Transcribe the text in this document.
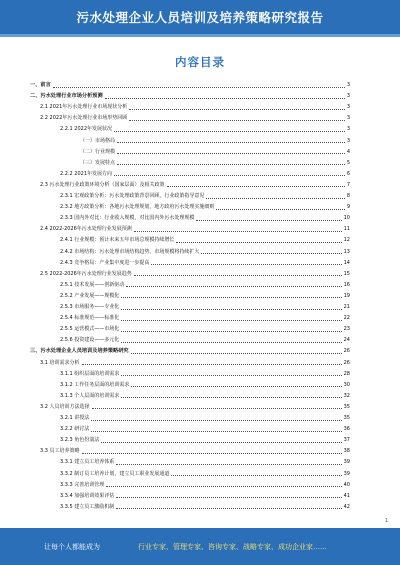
污水处理企业人员培训及培养策略研究报告
内容目录
一、前言	3
二、污水处理行业市场分析预测	3
2.1 2021年污水处理行业市场现状分析	3
2.2 2022年污水处理行业市场形势回顾	3
2.2.1 2022年发展状况	3
（一）市场格局	3
（二）行业规模	4
（三）发展特点	5
2.2.2 2021年发展方向	6
2.3 污水处理行业政策环境分析（国家层面）及相关政策	7
2.3.1 宏观政策分析：污水处理政策背景回顾，行业政策指导意见	8
2.3.2 地方政策分析：各地污水处理规划，地方政府污水处理实施细则	9
2.3.3 国内外对比：行业收入规模，对比国内外污水处理规模	10
2.4 2022-2026年污水处理行业发展预测	11
2.4.1 行业规模：预计未来五年市场总规模持续增长	12
2.4.2 市场结构：污水处理市场结构趋势，市场规模将持续扩大	13
2.4.3 竞争格局：产业集中度进一步提高	14
2.5 2022-2026年污水处理行业发展趋势	15
2.5.1 技术发展——创新驱动	16
2.5.2 产业发展——规模化	19
2.5.3 市场服务——专业化	21
2.5.4 标准规范——标准化	22
2.5.5 运营模式——市场化	23
2.5.6 投资建设——多元化	24
三、污水处理企业人员培训及培养策略研究	26
3.1 培训需求分析	26
3.1.1 组织层面的培训需求	28
3.1.2 工作任务层面的培训需求	30
3.1.3 个人层面的培训需求	32
3.2 人员培训方法选择	35
3.2.1 讲授法	35
3.2.2 研讨法	36
3.2.3 角色扮演法	37
3.3 员工培养策略	38
3.3.1 建立员工培养体系	39
3.3.2 制订员工培养计划，建立员工职业发展通道	39
3.3.3 完善培训管理	40
3.3.4 加强培训效果评估	41
3.3.5 建立员工激励机制	42
1
让每个人都能成为	行业专家、管理专家、咨询专家、战略专家、成功企业家……
